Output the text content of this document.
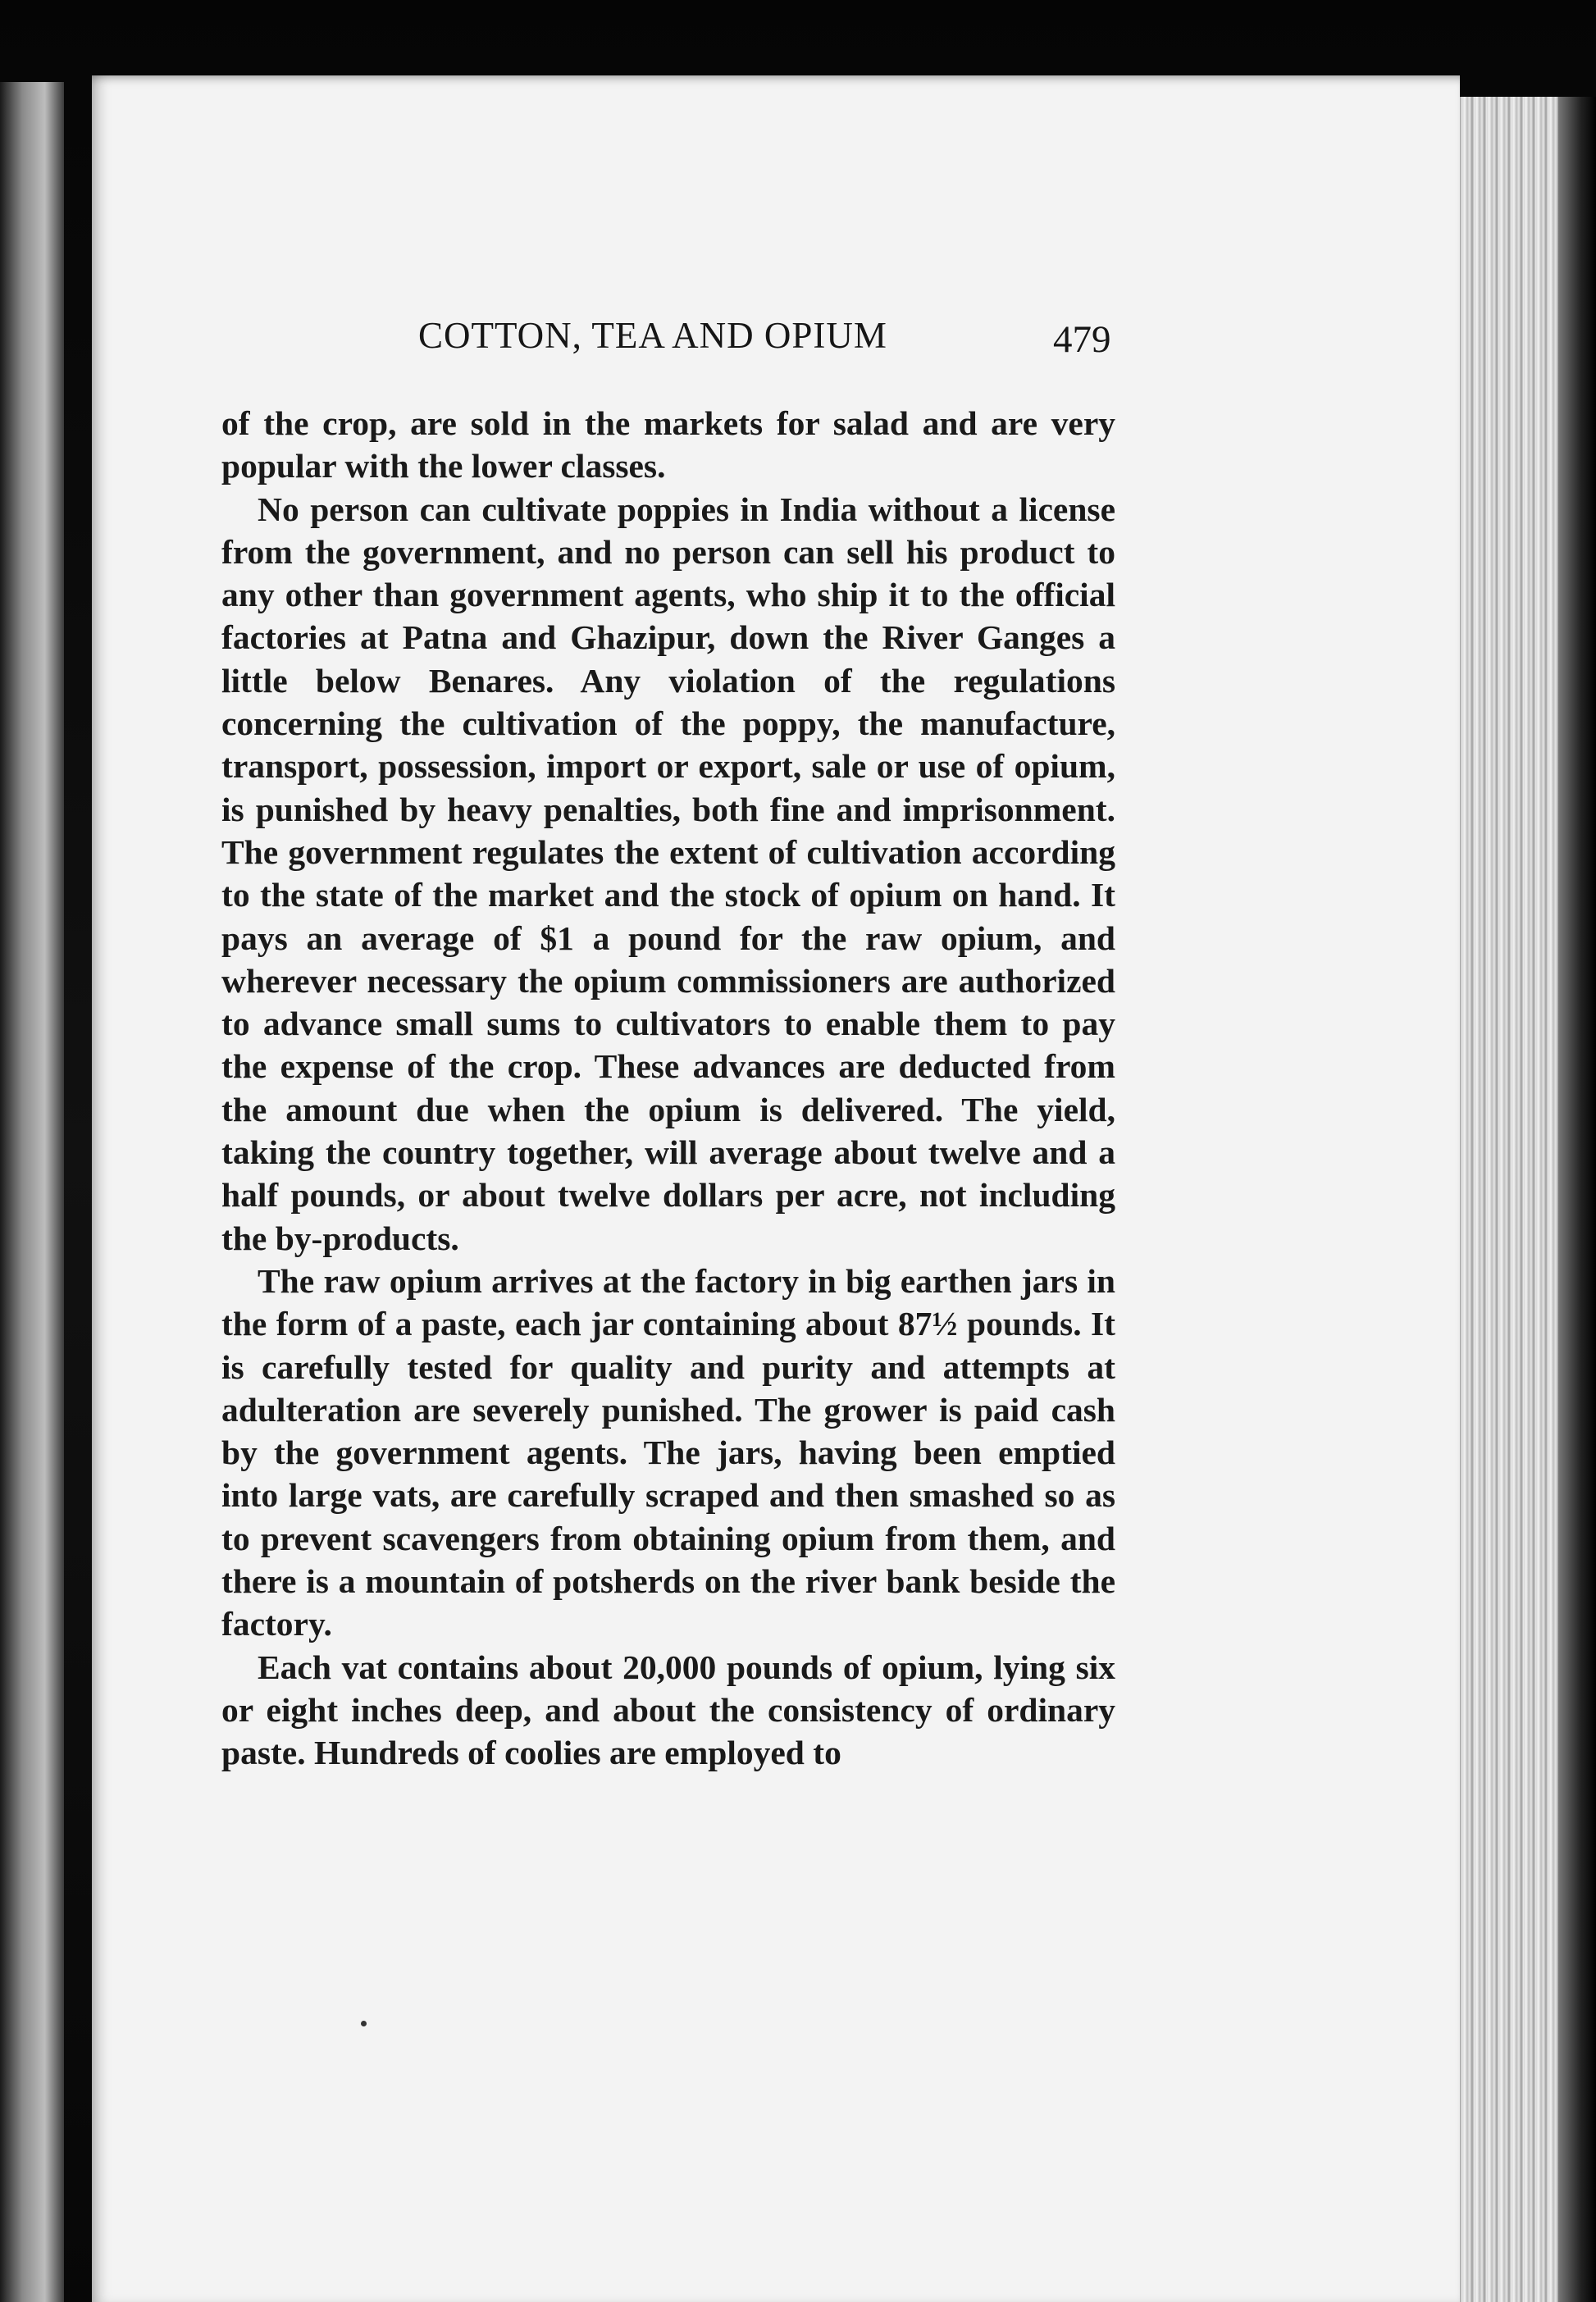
COTTON, TEA AND OPIUM	479

of the crop, are sold in the markets for salad and are very popular with the lower classes.

No person can cultivate poppies in India without a license from the government, and no person can sell his product to any other than government agents, who ship it to the official factories at Patna and Ghazipur, down the River Ganges a little below Benares. Any violation of the regulations concerning the cultivation of the poppy, the manufacture, transport, possession, import or export, sale or use of opium, is punished by heavy penalties, both fine and imprisonment. The government regulates the extent of cultivation according to the state of the market and the stock of opium on hand. It pays an average of $1 a pound for the raw opium, and wherever necessary the opium commissioners are authorized to advance small sums to cultivators to enable them to pay the expense of the crop. These advances are deducted from the amount due when the opium is delivered. The yield, taking the country together, will average about twelve and a half pounds, or about twelve dollars per acre, not including the by-products.

The raw opium arrives at the factory in big earthen jars in the form of a paste, each jar containing about 87½ pounds. It is carefully tested for quality and purity and attempts at adulteration are severely punished. The grower is paid cash by the government agents. The jars, having been emptied into large vats, are carefully scraped and then smashed so as to prevent scavengers from obtaining opium from them, and there is a mountain of potsherds on the river bank beside the factory.

Each vat contains about 20,000 pounds of opium, lying six or eight inches deep, and about the consistency of ordinary paste. Hundreds of coolies are employed to
